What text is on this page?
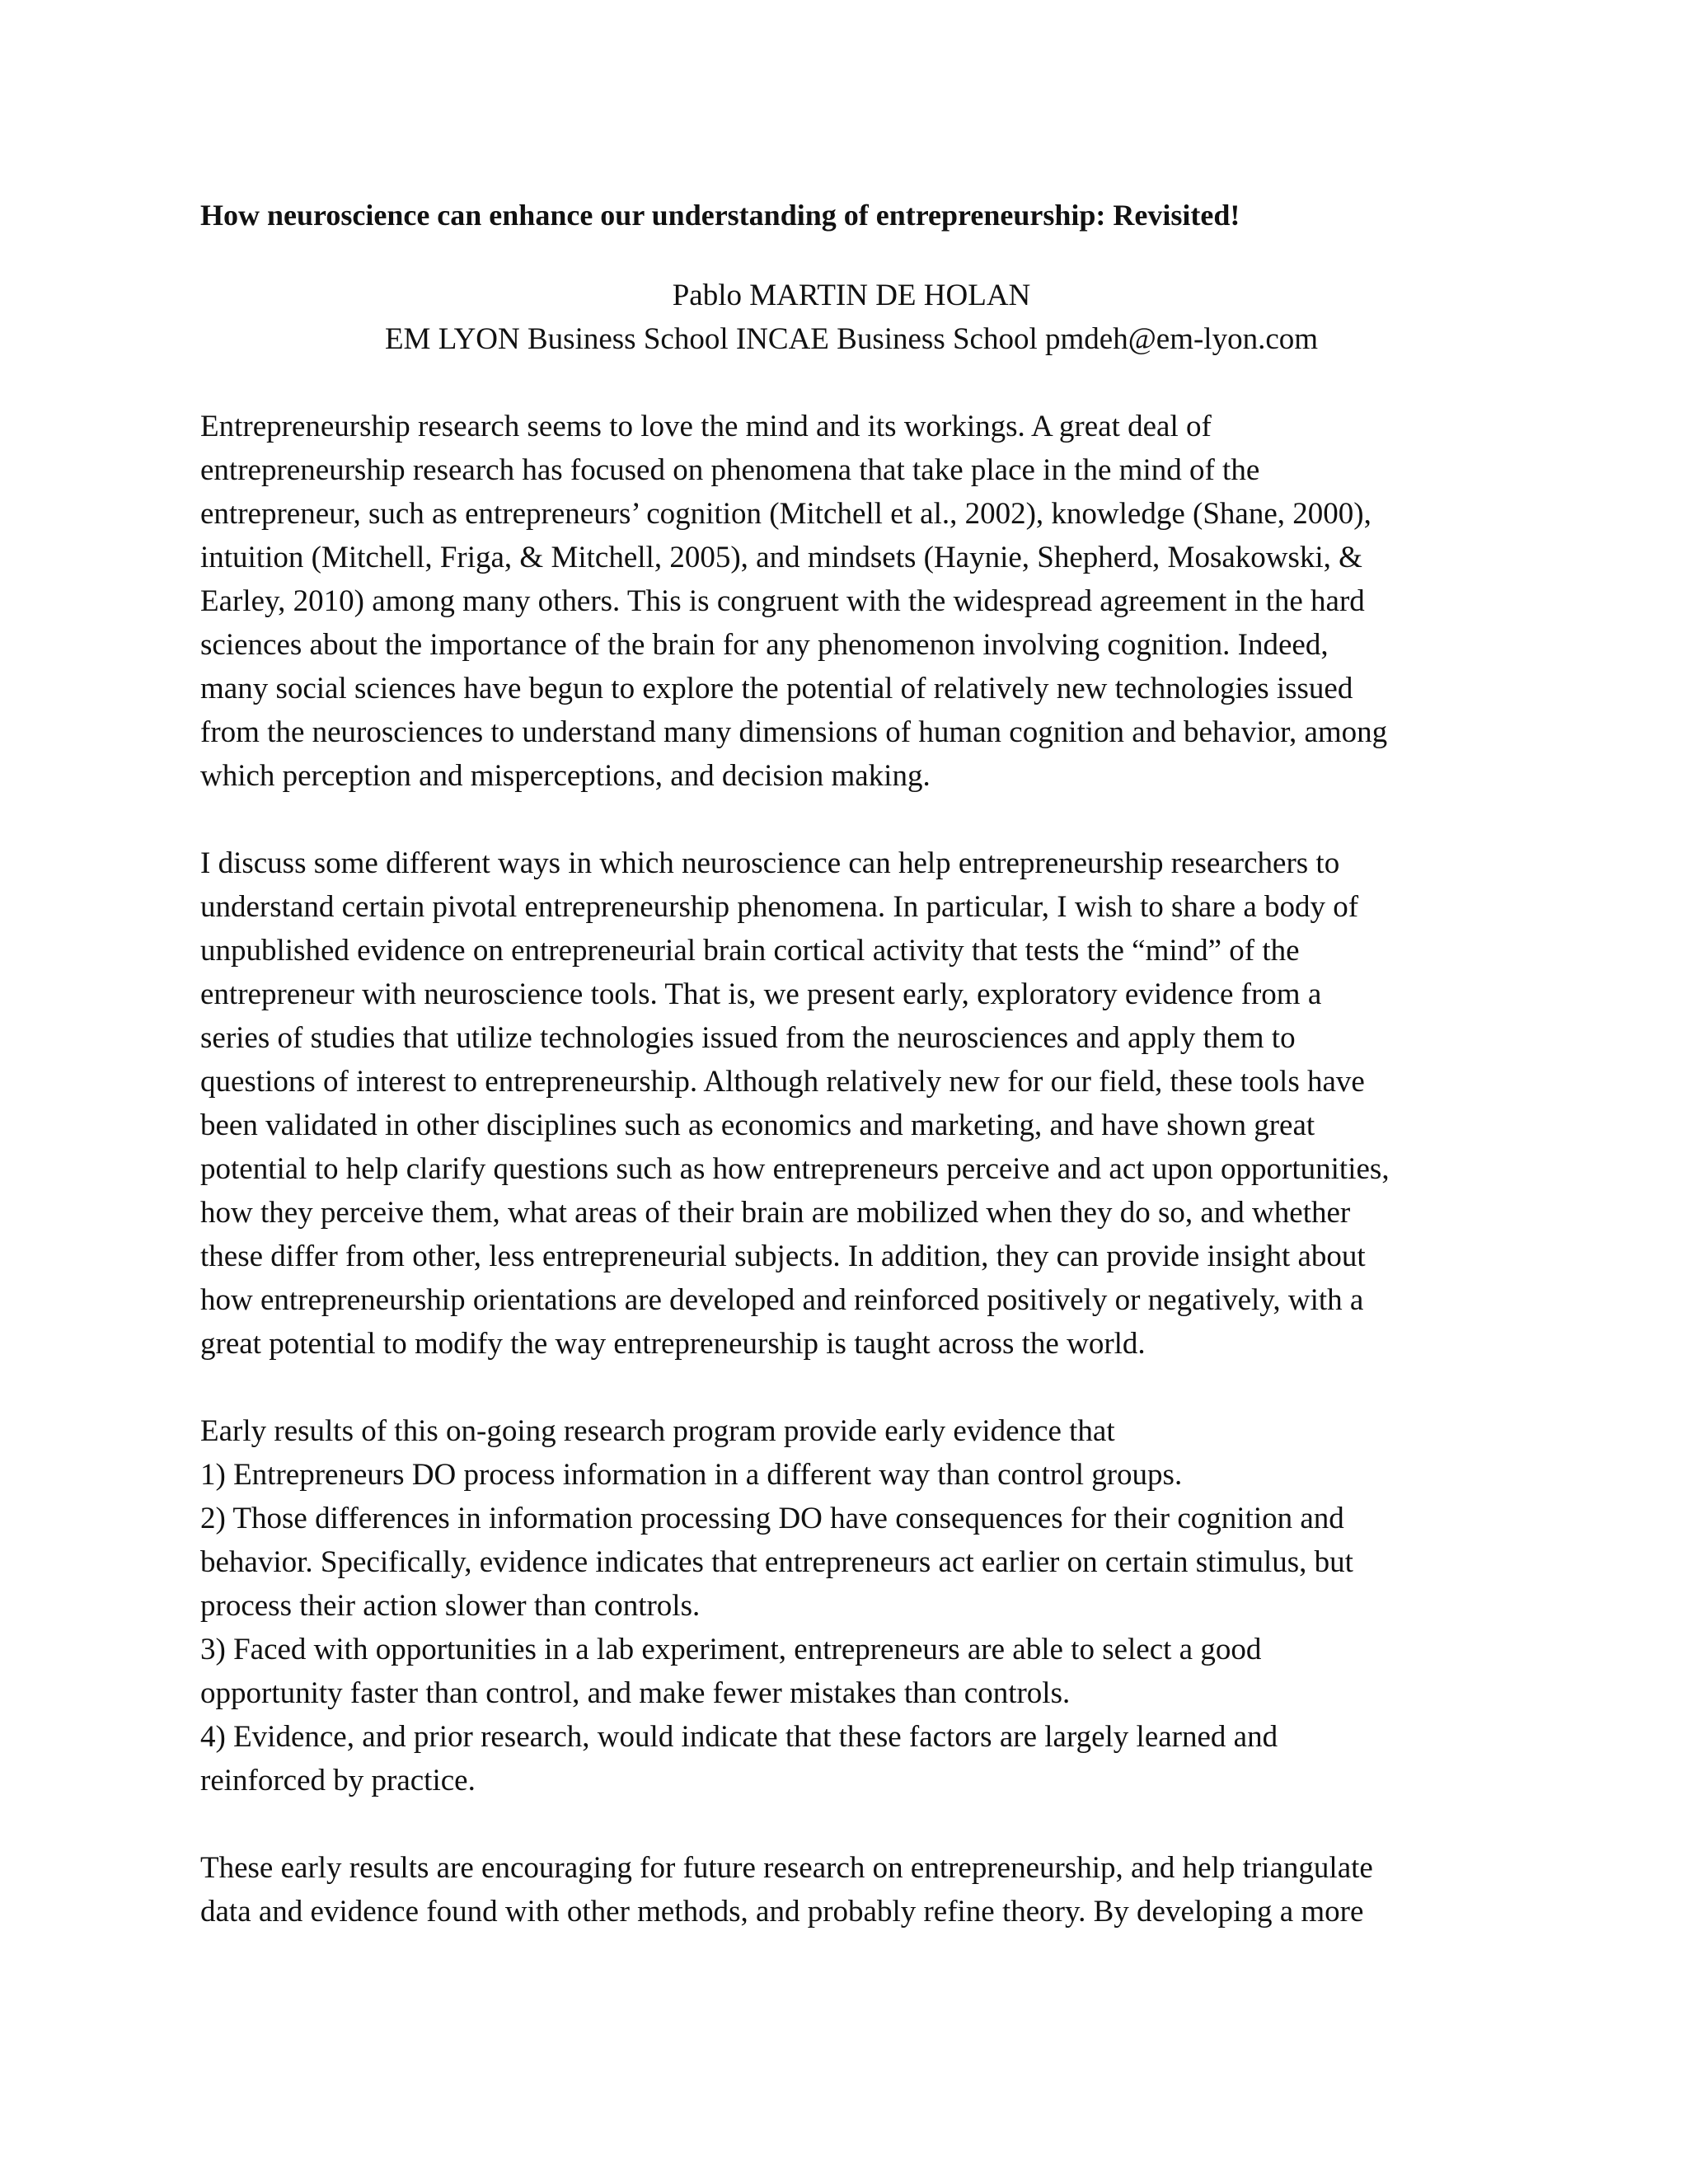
How neuroscience can enhance our understanding of entrepreneurship: Revisited!
Pablo MARTIN DE HOLAN
EM LYON Business School INCAE Business School pmdeh@em-lyon.com

Entrepreneurship research seems to love the mind and its workings. A great deal of
entrepreneurship research has focused on phenomena that take place in the mind of the
entrepreneur, such as entrepreneurs’ cognition (Mitchell et al., 2002), knowledge (Shane, 2000),
intuition (Mitchell, Friga, & Mitchell, 2005), and mindsets (Haynie, Shepherd, Mosakowski, &
Earley, 2010) among many others. This is congruent with the widespread agreement in the hard
sciences about the importance of the brain for any phenomenon involving cognition. Indeed,
many social sciences have begun to explore the potential of relatively new technologies issued
from the neurosciences to understand many dimensions of human cognition and behavior, among
which perception and misperceptions, and decision making.

I discuss some different ways in which neuroscience can help entrepreneurship researchers to
understand certain pivotal entrepreneurship phenomena. In particular, I wish to share a body of
unpublished evidence on entrepreneurial brain cortical activity that tests the “mind” of the
entrepreneur with neuroscience tools. That is, we present early, exploratory evidence from a
series of studies that utilize technologies issued from the neurosciences and apply them to
questions of interest to entrepreneurship. Although relatively new for our field, these tools have
been validated in other disciplines such as economics and marketing, and have shown great
potential to help clarify questions such as how entrepreneurs perceive and act upon opportunities,
how they perceive them, what areas of their brain are mobilized when they do so, and whether
these differ from other, less entrepreneurial subjects. In addition, they can provide insight about
how entrepreneurship orientations are developed and reinforced positively or negatively, with a
great potential to modify the way entrepreneurship is taught across the world.

Early results of this on-going research program provide early evidence that
1) Entrepreneurs DO process information in a different way than control groups.
2) Those differences in information processing DO have consequences for their cognition and
behavior. Specifically, evidence indicates that entrepreneurs act earlier on certain stimulus, but
process their action slower than controls.
3) Faced with opportunities in a lab experiment, entrepreneurs are able to select a good
opportunity faster than control, and make fewer mistakes than controls.
4) Evidence, and prior research, would indicate that these factors are largely learned and
reinforced by practice.

These early results are encouraging for future research on entrepreneurship, and help triangulate
data and evidence found with other methods, and probably refine theory. By developing a more
